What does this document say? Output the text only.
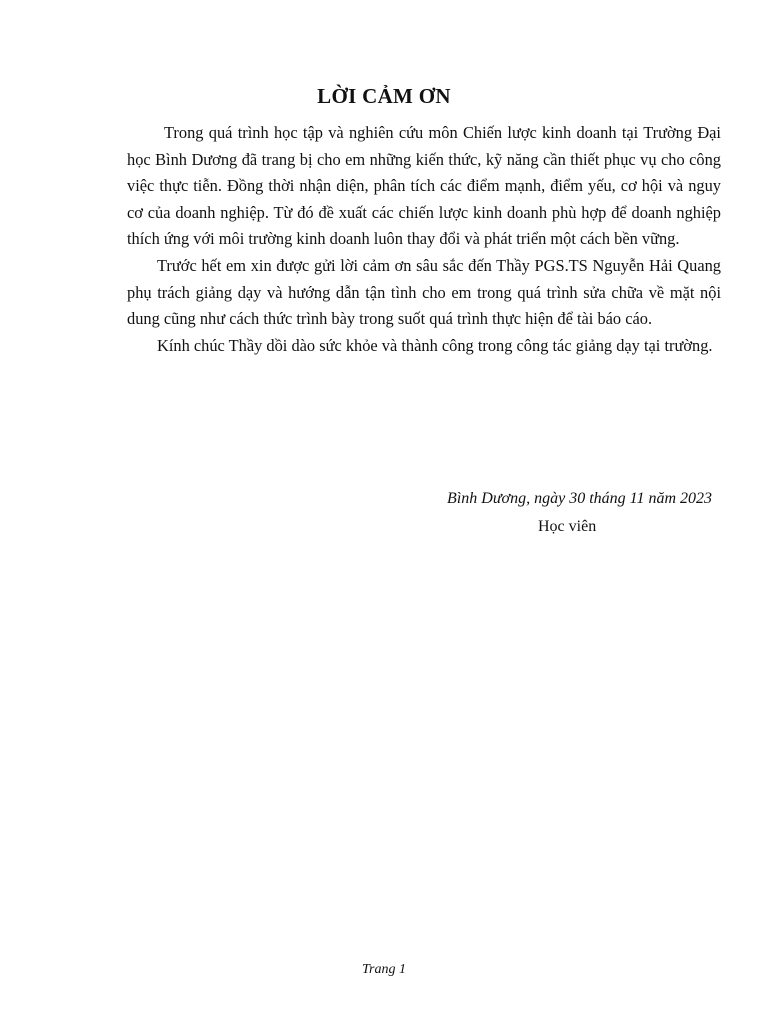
LỜI CẢM ƠN

Trong quá trình học tập và nghiên cứu môn Chiến lược kinh doanh tại Trường Đại học Bình Dương đã trang bị cho em những kiến thức, kỹ năng cần thiết phục vụ cho công việc thực tiễn. Đồng thời nhận diện, phân tích các điểm mạnh, điểm yếu, cơ hội và nguy cơ của doanh nghiệp. Từ đó đề xuất các chiến lược kinh doanh phù hợp để doanh nghiệp thích ứng với môi trường kinh doanh luôn thay đổi và phát triển một cách bền vững.

Trước hết em xin được gửi lời cảm ơn sâu sắc đến Thầy PGS.TS Nguyễn Hải Quang phụ trách giảng dạy và hướng dẫn tận tình cho em trong quá trình sửa chữa về mặt nội dung cũng như cách thức trình bày trong suốt quá trình thực hiện để tài báo cáo.

Kính chúc Thầy dồi dào sức khỏe và thành công trong công tác giảng dạy tại trường.

Bình Dương, ngày 30 tháng 11 năm 2023
Học viên
Trang 1
